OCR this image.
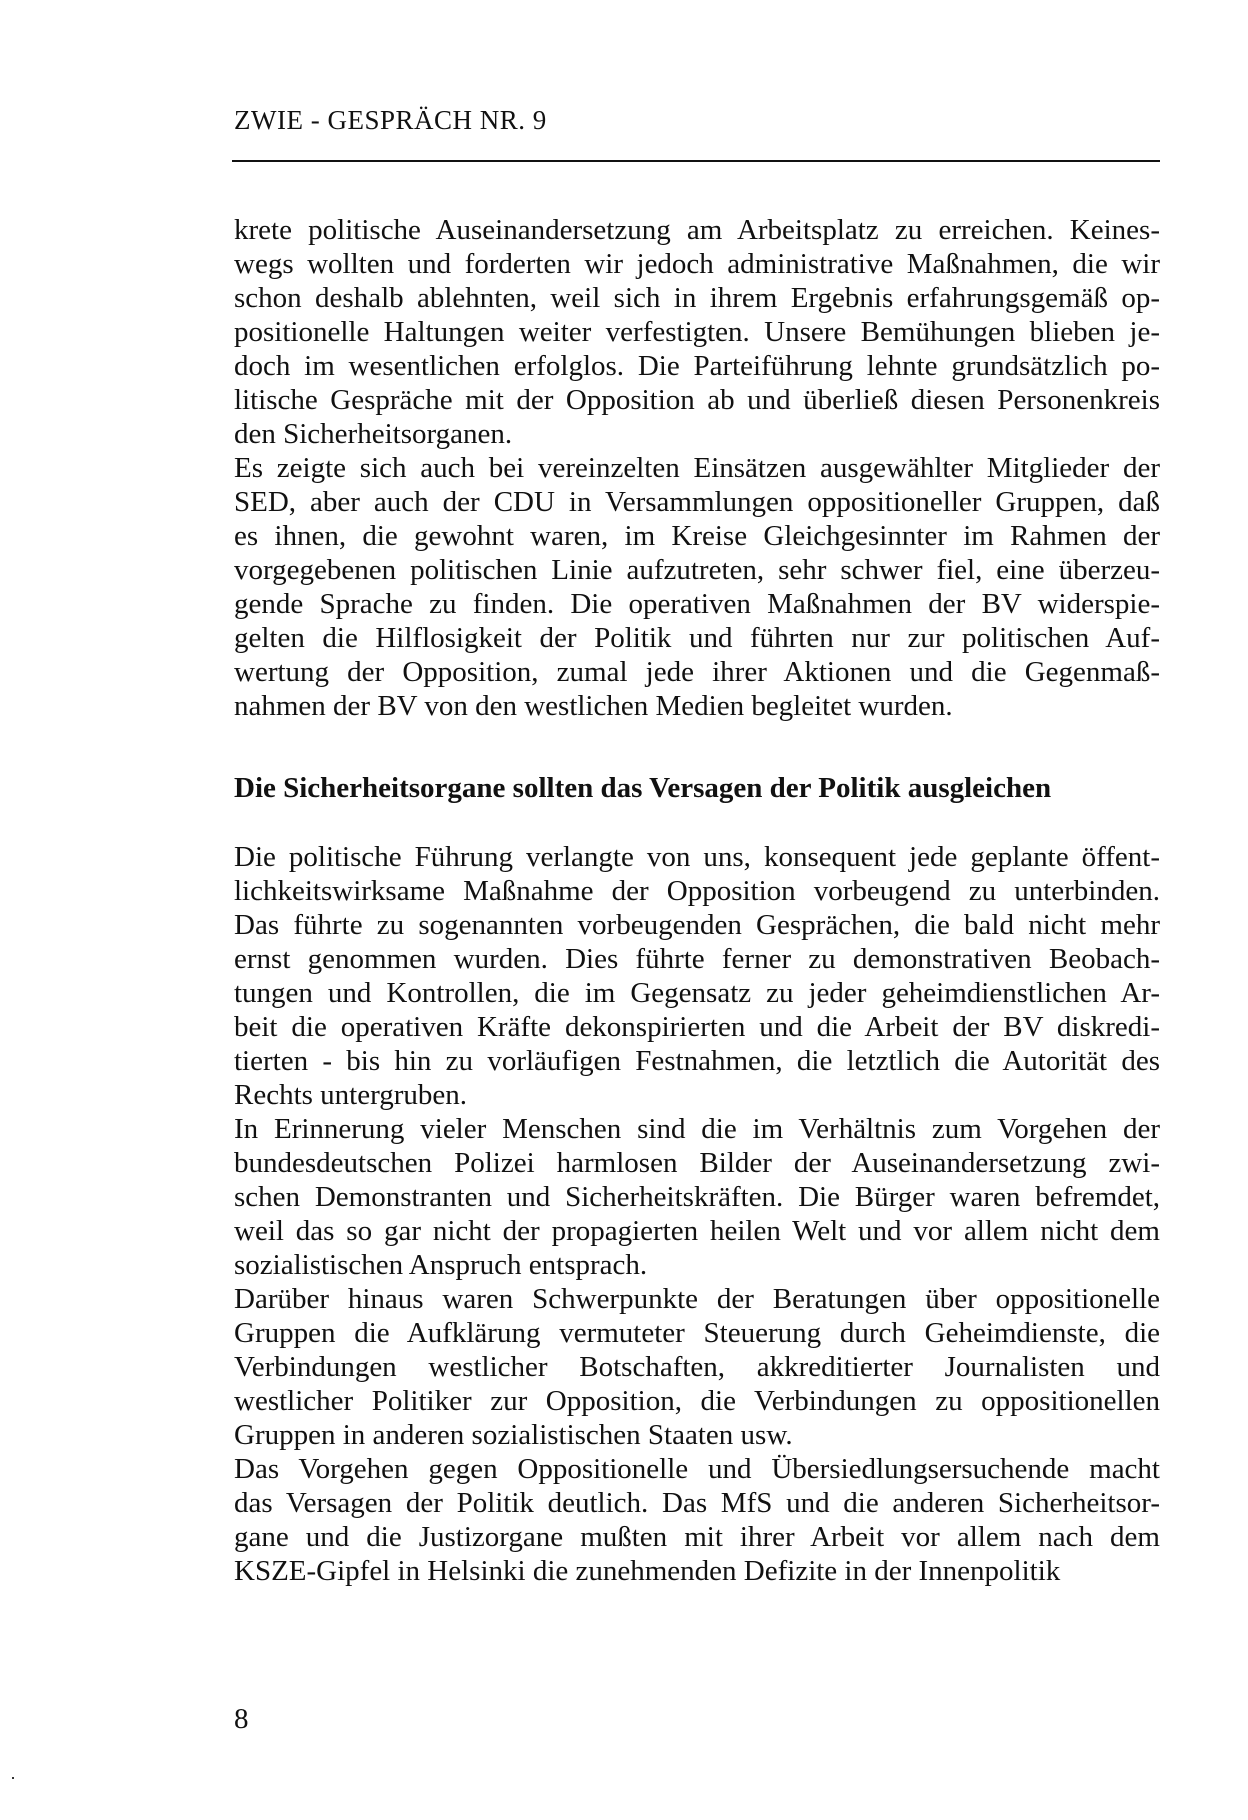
ZWIE - GESPRÄCH NR. 9
krete politische Auseinandersetzung am Arbeitsplatz zu erreichen. Keines-
wegs wollten und forderten wir jedoch administrative Maßnahmen, die wir
schon deshalb ablehnten, weil sich in ihrem Ergebnis erfahrungsgemäß op-
positionelle Haltungen weiter verfestigten. Unsere Bemühungen blieben je-
doch im wesentlichen erfolglos. Die Parteiführung lehnte grundsätzlich po-
litische Gespräche mit der Opposition ab und überließ diesen Personenkreis
den Sicherheitsorganen.
Es zeigte sich auch bei vereinzelten Einsätzen ausgewählter Mitglieder der
SED, aber auch der CDU in Versammlungen oppositioneller Gruppen, daß
es ihnen, die gewohnt waren, im Kreise Gleichgesinnter im Rahmen der
vorgegebenen politischen Linie aufzutreten, sehr schwer fiel, eine überzeu-
gende Sprache zu finden. Die operativen Maßnahmen der BV widerspie-
gelten die Hilflosigkeit der Politik und führten nur zur politischen Auf-
wertung der Opposition, zumal jede ihrer Aktionen und die Gegenmaß-
nahmen der BV von den westlichen Medien begleitet wurden.
Die Sicherheitsorgane sollten das Versagen der Politik ausgleichen
Die politische Führung verlangte von uns, konsequent jede geplante öffent-
lichkeitswirksame Maßnahme der Opposition vorbeugend zu unterbinden.
Das führte zu sogenannten vorbeugenden Gesprächen, die bald nicht mehr
ernst genommen wurden. Dies führte ferner zu demonstrativen Beobach-
tungen und Kontrollen, die im Gegensatz zu jeder geheimdienstlichen Ar-
beit die operativen Kräfte dekonspirierten und die Arbeit der BV diskredi-
tierten - bis hin zu vorläufigen Festnahmen, die letztlich die Autorität des
Rechts untergruben.
In Erinnerung vieler Menschen sind die im Verhältnis zum Vorgehen der
bundesdeutschen Polizei harmlosen Bilder der Auseinandersetzung zwi-
schen Demonstranten und Sicherheitskräften. Die Bürger waren befremdet,
weil das so gar nicht der propagierten heilen Welt und vor allem nicht dem
sozialistischen Anspruch entsprach.
Darüber hinaus waren Schwerpunkte der Beratungen über oppositionelle
Gruppen die Aufklärung vermuteter Steuerung durch Geheimdienste, die
Verbindungen westlicher Botschaften, akkreditierter Journalisten und
westlicher Politiker zur Opposition, die Verbindungen zu oppositionellen
Gruppen in anderen sozialistischen Staaten usw.
Das Vorgehen gegen Oppositionelle und Übersiedlungsersuchende macht
das Versagen der Politik deutlich. Das MfS und die anderen Sicherheitsor-
gane und die Justizorgane mußten mit ihrer Arbeit vor allem nach dem
KSZE-Gipfel in Helsinki die zunehmenden Defizite in der Innenpolitik
8
